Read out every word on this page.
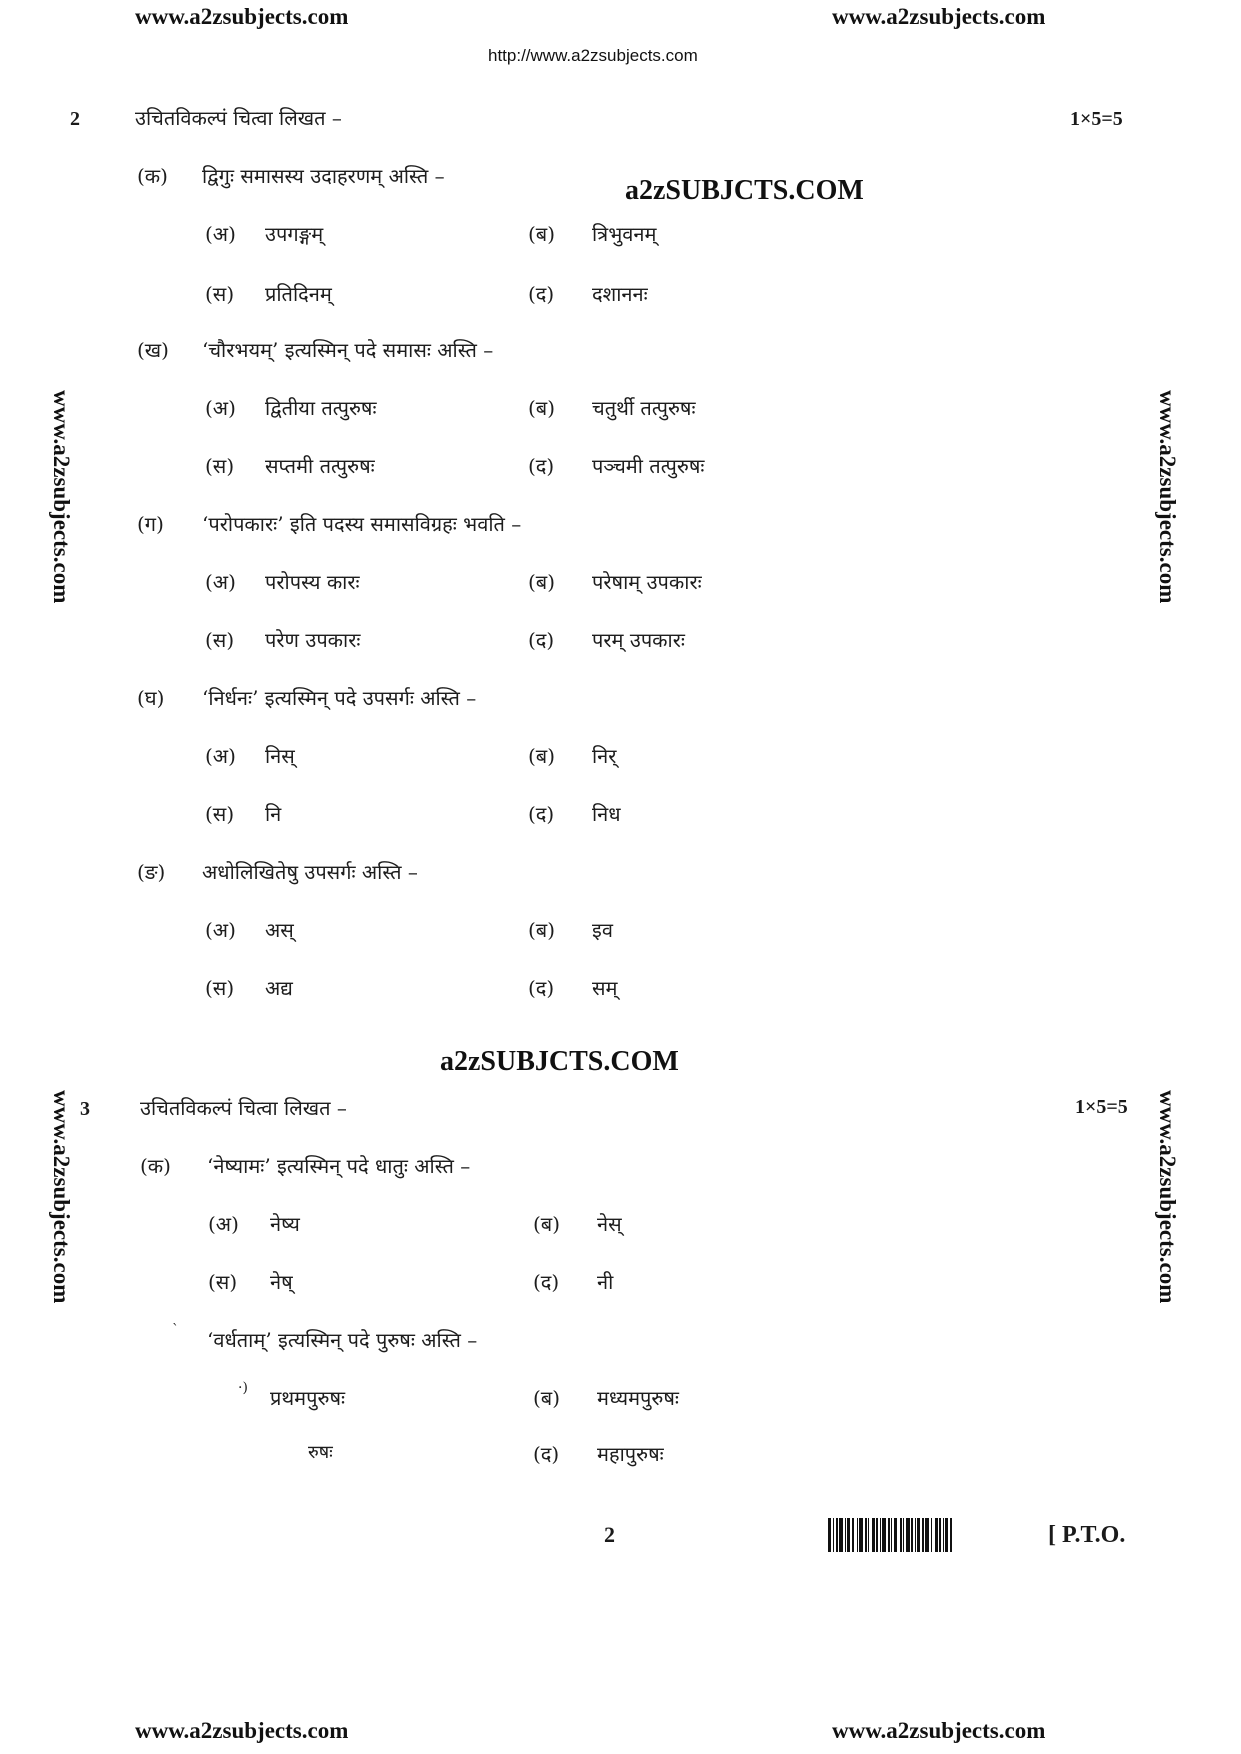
www.a2zsubjects.com	www.a2zsubjects.com
http://www.a2zsubjects.com
www.a2zsubjects.com	www.a2zsubjects.com
www.a2zsubjects.com	www.a2zsubjects.com
2	उचितविकल्पं चित्वा लिखत –	1×5=5
a2zSUBJCTS.COM
(क) द्विगुः समासस्य उदाहरणम् अस्ति –
(अ) उपगङ्गम्	(ब) त्रिभुवनम्
(स) प्रतिदिनम्	(द) दशाननः
(ख) ‘चौरभयम्’ इत्यस्मिन् पदे समासः अस्ति –
(अ) द्वितीया तत्पुरुषः	(ब) चतुर्थी तत्पुरुषः
(स) सप्तमी तत्पुरुषः	(द) पञ्चमी तत्पुरुषः
(ग) ‘परोपकारः’ इति पदस्य समासविग्रहः भवति –
(अ) परोपस्य कारः	(ब) परेषाम् उपकारः
(स) परेण उपकारः	(द) परम् उपकारः
(घ) ‘निर्धनः’ इत्यस्मिन् पदे उपसर्गः अस्ति –
(अ) निस्	(ब) निर्
(स) नि	(द) निध
(ङ) अधोलिखितेषु उपसर्गः अस्ति –
(अ) अस्	(ब) इव
(स) अद्य	(द) सम्
a2zSUBJCTS.COM
3	उचितविकल्पं चित्वा लिखत –	1×5=5
(क) ‘नेष्यामः’ इत्यस्मिन् पदे धातुः अस्ति –
(अ) नेष्य	(ब) नेस्
(स) नेष्	(द) नी
` ‘वर्धताम्’ इत्यस्मिन् पदे पुरुषः अस्ति –
·) प्रथमपुरुषः	(ब) मध्यमपुरुषः
रुषः	(द) महापुरुषः
2	[ P.T.O.
www.a2zsubjects.com	www.a2zsubjects.com
